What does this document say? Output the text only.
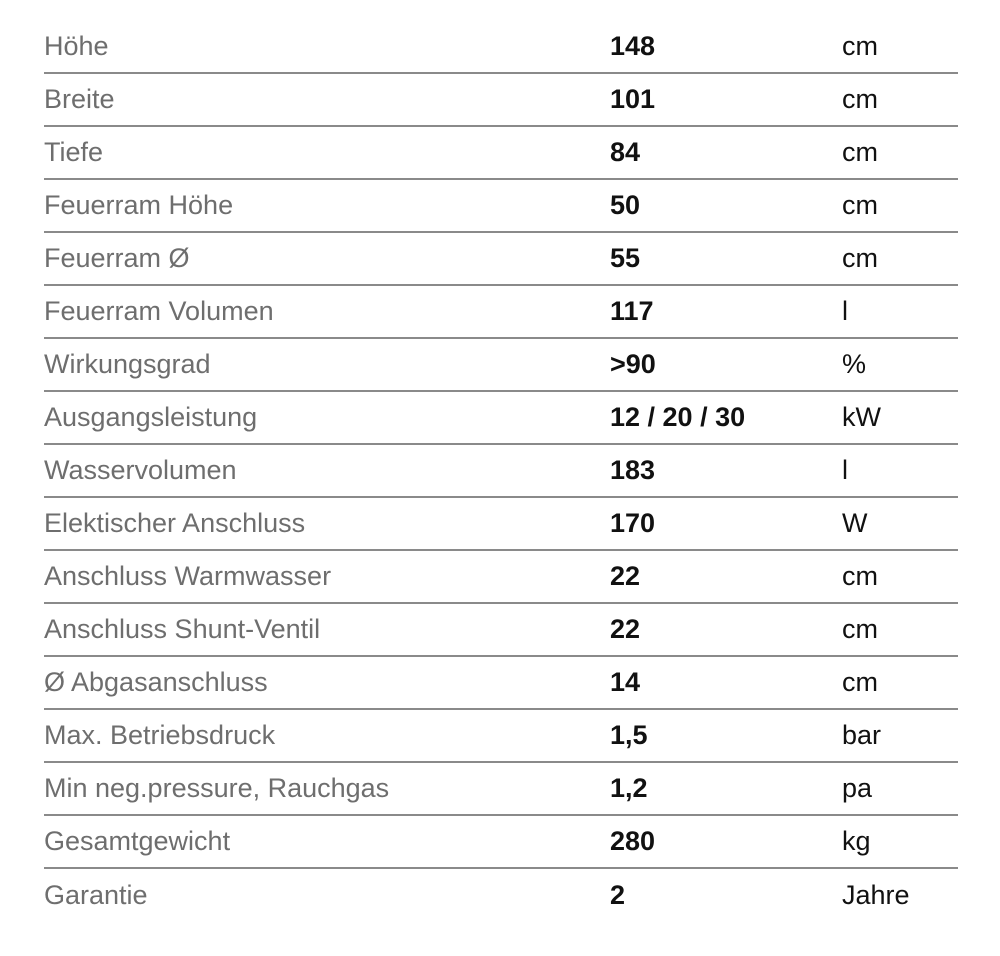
Höhe	148	cm
Breite	101	cm
Tiefe	84	cm
Feuerram Höhe	50	cm
Feuerram Ø	55	cm
Feuerram Volumen	117	l
Wirkungsgrad	>90	%
Ausgangsleistung	12 / 20 / 30	kW
Wasservolumen	183	l
Elektischer Anschluss	170	W
Anschluss Warmwasser	22	cm
Anschluss Shunt-Ventil	22	cm
Ø Abgasanschluss	14	cm
Max. Betriebsdruck	1,5	bar
Min neg.pressure, Rauchgas	1,2	pa
Gesamtgewicht	280	kg
Garantie	2	Jahre
